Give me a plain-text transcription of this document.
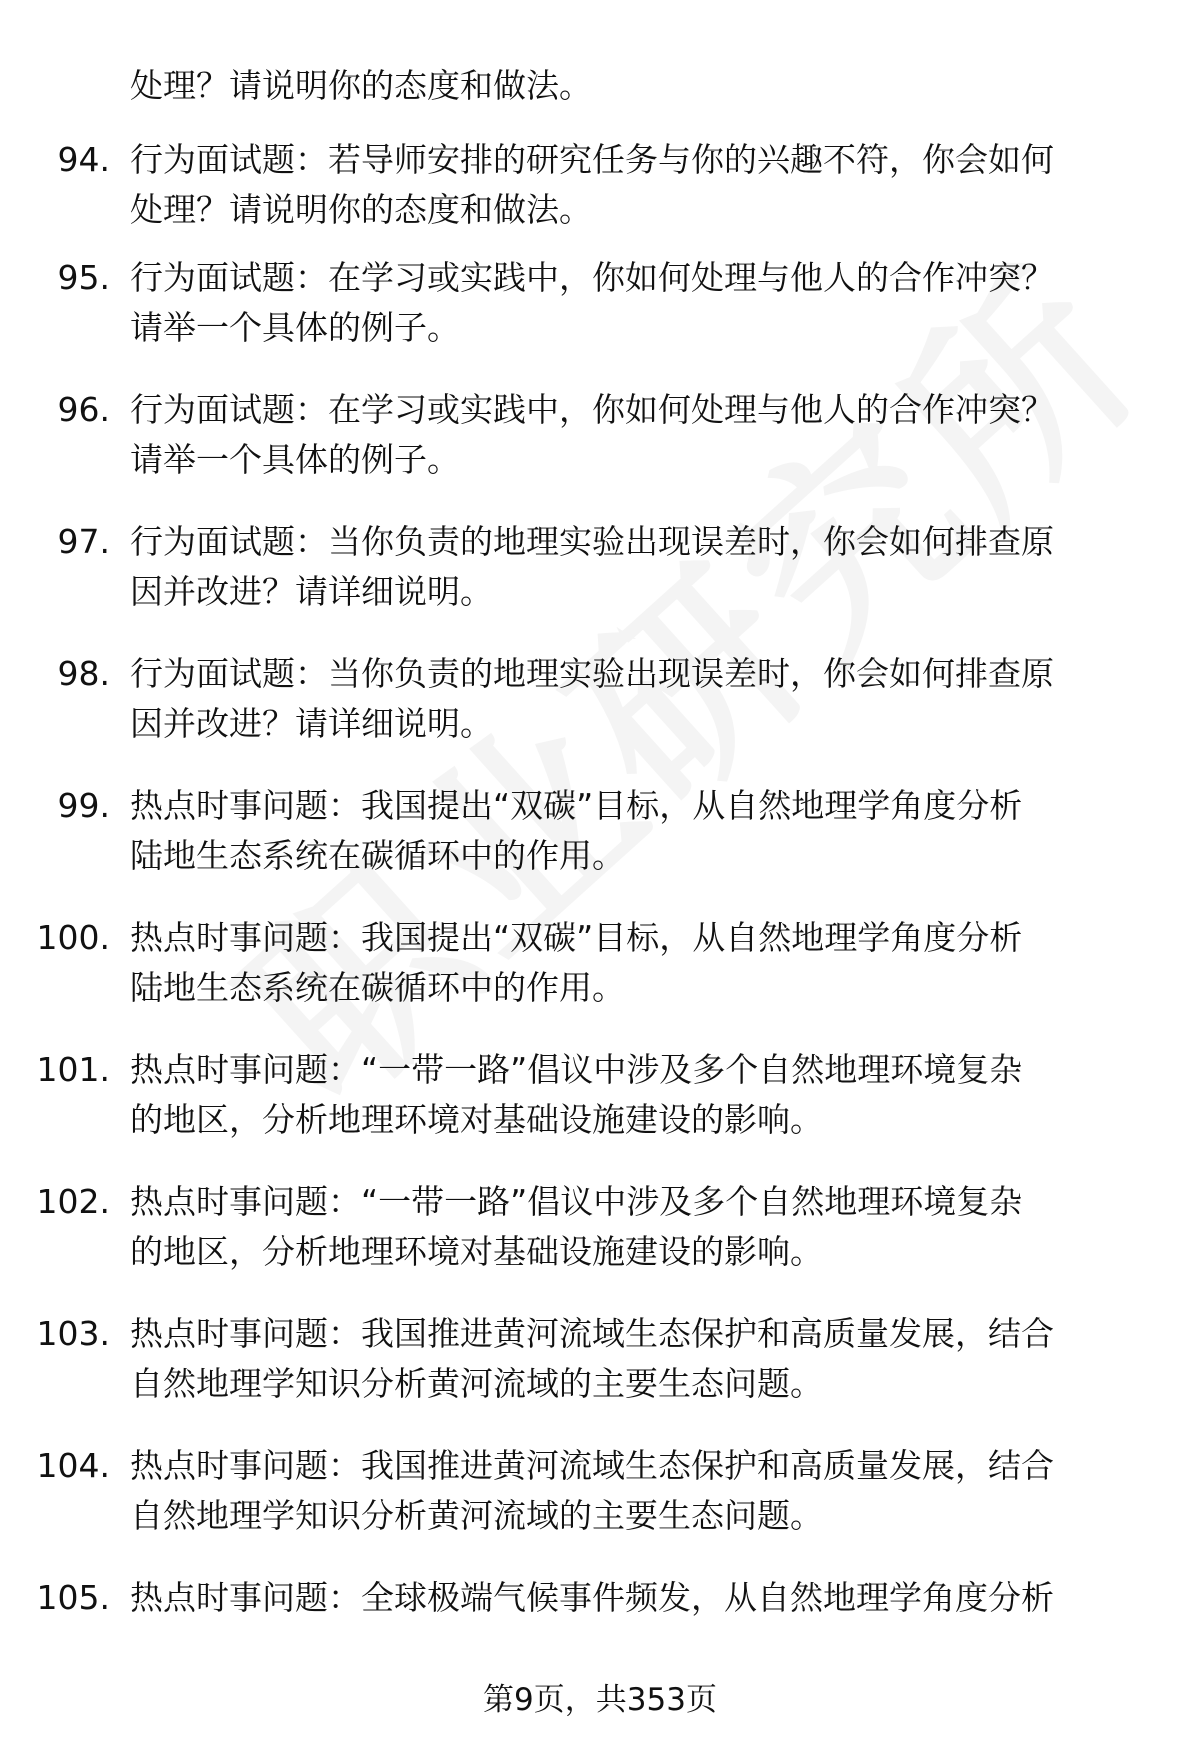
处理？请说明你的态度和做法。
94. 行为面试题：若导师安排的研究任务与你的兴趣不符，你会如何
处理？请说明你的态度和做法。
95. 行为面试题：在学习或实践中，你如何处理与他人的合作冲突？
请举一个具体的例子。
96. 行为面试题：在学习或实践中，你如何处理与他人的合作冲突？
请举一个具体的例子。
97. 行为面试题：当你负责的地理实验出现误差时，你会如何排查原
因并改进？请详细说明。
98. 行为面试题：当你负责的地理实验出现误差时，你会如何排查原
因并改进？请详细说明。
99. 热点时事问题：我国提出“双碳”目标，从自然地理学角度分析
陆地生态系统在碳循环中的作用。
100. 热点时事问题：我国提出“双碳”目标，从自然地理学角度分析
陆地生态系统在碳循环中的作用。
101. 热点时事问题：“一带一路”倡议中涉及多个自然地理环境复杂
的地区，分析地理环境对基础设施建设的影响。
102. 热点时事问题：“一带一路”倡议中涉及多个自然地理环境复杂
的地区，分析地理环境对基础设施建设的影响。
103. 热点时事问题：我国推进黄河流域生态保护和高质量发展，结合
自然地理学知识分析黄河流域的主要生态问题。
104. 热点时事问题：我国推进黄河流域生态保护和高质量发展，结合
自然地理学知识分析黄河流域的主要生态问题。
105. 热点时事问题：全球极端气候事件频发，从自然地理学角度分析
第9页，共353页
